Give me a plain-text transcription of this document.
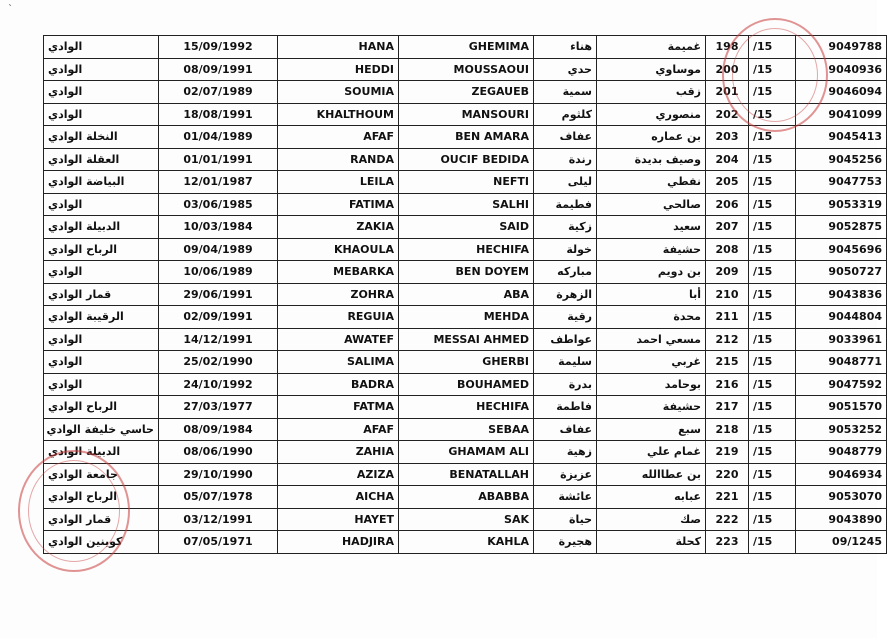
`
الوادي	15/09/1992	HANA	GHEMIMA	هناء	غميمة	198	/15	9049788
الوادي	08/09/1991	HEDDI	MOUSSAOUI	حدي	موساوي	200	/15	9040936
الوادي	02/07/1989	SOUMIA	ZEGAUEB	سمية	زقب	201	/15	9046094
الوادي	18/08/1991	KHALTHOUM	MANSOURI	كلثوم	منصوري	202	/15	9041099
النخلة الوادي	01/04/1989	AFAF	BEN AMARA	عفاف	بن عماره	203	/15	9045413
العقلة الوادي	01/01/1991	RANDA	OUCIF BEDIDA	رندة	وصيف بديدة	204	/15	9045256
البياضة الوادي	12/01/1987	LEILA	NEFTI	ليلى	نفطي	205	/15	9047753
الوادي	03/06/1985	FATIMA	SALHI	فطيمة	صالحي	206	/15	9053319
الدبيلة الوادي	10/03/1984	ZAKIA	SAID	زكية	سعيد	207	/15	9052875
الرباح الوادي	09/04/1989	KHAOULA	HECHIFA	خولة	حشيفة	208	/15	9045696
الوادي	10/06/1989	MEBARKA	BEN DOYEM	مباركه	بن دويم	209	/15	9050727
قمار الوادي	29/06/1991	ZOHRA	ABA	الزهرة	أبا	210	/15	9043836
الرقيبة الوادي	02/09/1991	REGUIA	MEHDA	رقية	محدة	211	/15	9044804
الوادي	14/12/1991	AWATEF	MESSAI AHMED	عواطف	مسعي احمد	212	/15	9033961
الوادي	25/02/1990	SALIMA	GHERBI	سليمة	غربي	215	/15	9048771
الوادي	24/10/1992	BADRA	BOUHAMED	بدرة	بوحامد	216	/15	9047592
الرباح الوادي	27/03/1977	FATMA	HECHIFA	فاطمة	حشيفة	217	/15	9051570
حاسي خليفة الوادي	08/09/1984	AFAF	SEBAA	عفاف	سبع	218	/15	9053252
الدبيلة الوادي	08/06/1990	ZAHIA	GHAMAM ALI	زهية	غمام علي	219	/15	9048779
جامعة الوادي	29/10/1990	AZIZA	BENATALLAH	عزيزة	بن عطاالله	220	/15	9046934
الرباح الوادي	05/07/1978	AICHA	ABABBA	عائشة	عبابه	221	/15	9053070
قمار الوادي	03/12/1991	HAYET	SAK	حياة	صك	222	/15	9043890
كوينين الوادي	07/05/1971	HADJIRA	KAHLA	هجيرة	كحلة	223	/15	09/1245
